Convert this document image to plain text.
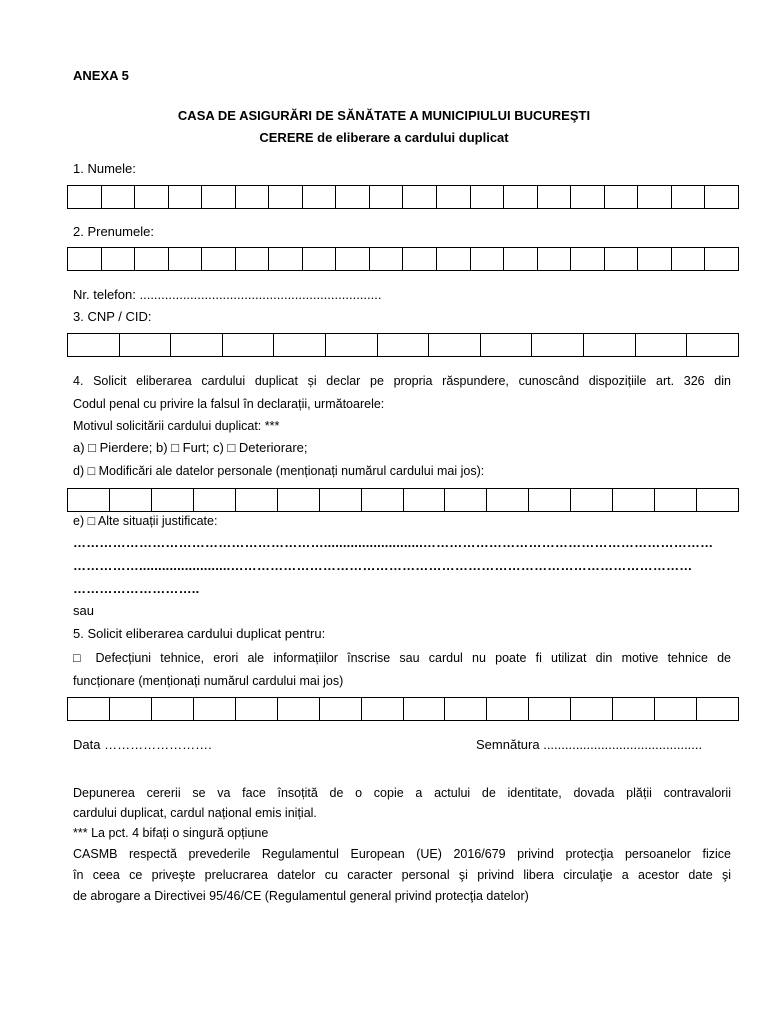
ANEXA 5
CASA DE ASIGURĂRI DE SĂNĂTATE A MUNICIPIULUI BUCUREŞTI
CERERE de eliberare a cardului duplicat
1. Numele:
2. Prenumele:
Nr. telefon: ...................................................................
3. CNP / CID:
4. Solicit eliberarea cardului duplicat și declar pe propria răspundere, cunoscând dispozițiile art. 326 din
Codul penal cu privire la falsul în declarații, următoarele:
Motivul solicitării cardului duplicat: ***
a) □ Pierdere; b) □ Furt; c) □ Deteriorare;
d) □ Modificări ale datelor personale (menționați numărul cardului mai jos):
e) □ Alte situații justificate:
…………………………………………………..........................…………………………………………………………
……………........................……………………………………………………………………………………………
………………………..
sau
5. Solicit eliberarea cardului duplicat pentru:
□ Defecțiuni tehnice, erori ale informațiilor înscrise sau cardul nu poate fi utilizat din motive tehnice de
funcționare (menționați numărul cardului mai jos)
Data …………………….	Semnătura ............................................
Depunerea cererii se va face însoțită de o copie a actului de identitate, dovada plății contravalorii
cardului duplicat, cardul național emis inițial.
*** La pct. 4 bifați o singură opțiune
CASMB respectă prevederile Regulamentul European (UE) 2016/679 privind protecţia persoanelor fizice
în ceea ce priveşte prelucrarea datelor cu caracter personal şi privind libera circulaţie a acestor date şi
de abrogare a Directivei 95/46/CE (Regulamentul general privind protecţia datelor)
